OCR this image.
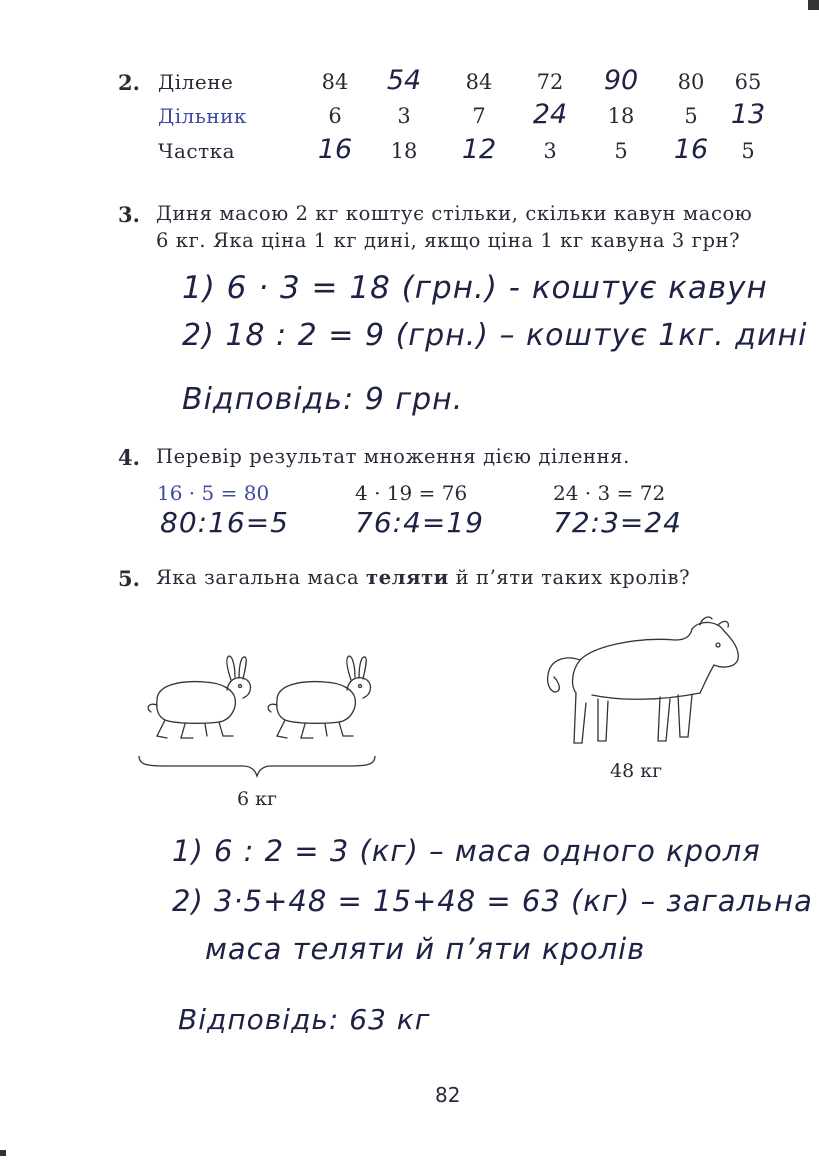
2. Ділене	84	54	84	72	90	80	65
Дільник	6	3	7	24	18	5	13
Частка	16	18	12	3	5	16	5
3. Диня масою 2 кг коштує стільки, скільки кавун масою
6 кг. Яка ціна 1 кг дині, якщо ціна 1 кг кавуна 3 грн?
1) 6 · 3 = 18 (грн.) - коштує кавун
2) 18 : 2 = 9 (грн.) – коштує 1кг. дині
Відповідь: 9 грн.
4. Перевір результат множення дією ділення.
16 · 5 = 80	4 · 19 = 76	24 · 3 = 72
80:16=5 76:4=19 72:3=24
5. Яка загальна маса теляти й п’яти таких кролів?
6 кг
48 кг
1) 6 : 2 = 3 (кг) – маса одного кроля
2) 3·5+48 = 15+48 = 63 (кг) – загальна
маса теляти й п’яти кролів
Відповідь: 63 кг
82
